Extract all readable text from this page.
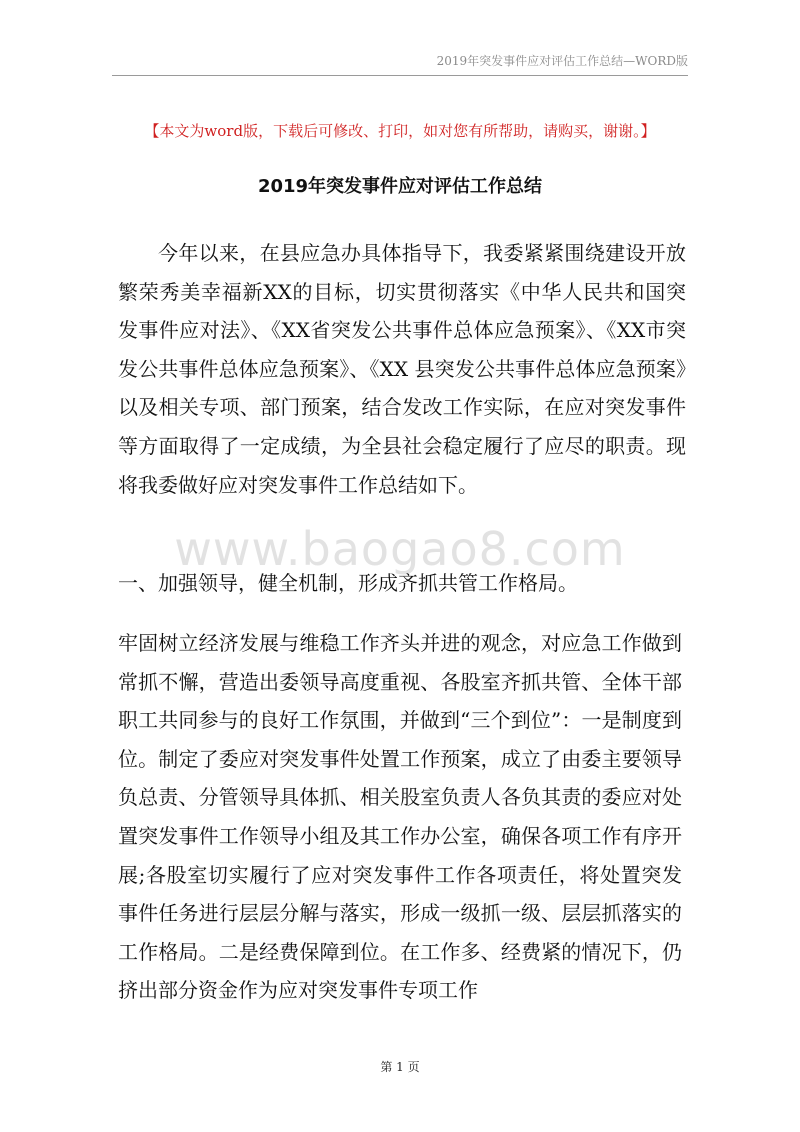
2019年突发事件应对评估工作总结—WORD版
【本文为word版，下载后可修改、打印，如对您有所帮助，请购买，谢谢。】
2019年突发事件应对评估工作总结

今年以来，在县应急办具体指导下，我委紧紧围绕建设开放繁荣秀美幸福新XX的目标，切实贯彻落实《中华人民共和国突发事件应对法》、《XX省突发公共事件总体应急预案》、《XX市突发公共事件总体应急预案》、《XX 县突发公共事件总体应急预案》以及相关专项、部门预案，结合发改工作实际，在应对突发事件等方面取得了一定成绩，为全县社会稳定履行了应尽的职责。现将我委做好应对突发事件工作总结如下。

www.baogao8.com
一、加强领导，健全机制，形成齐抓共管工作格局。

牢固树立经济发展与维稳工作齐头并进的观念，对应急工作做到常抓不懈，营造出委领导高度重视、各股室齐抓共管、全体干部职工共同参与的良好工作氛围，并做到“三个到位”：一是制度到位。制定了委应对突发事件处置工作预案，成立了由委主要领导负总责、分管领导具体抓、相关股室负责人各负其责的委应对处置突发事件工作领导小组及其工作办公室，确保各项工作有序开展;各股室切实履行了应对突发事件工作各项责任，将处置突发事件任务进行层层分解与落实，形成一级抓一级、层层抓落实的工作格局。二是经费保障到位。在工作多、经费紧的情况下，仍挤出部分资金作为应对突发事件专项工作

第 1 页
